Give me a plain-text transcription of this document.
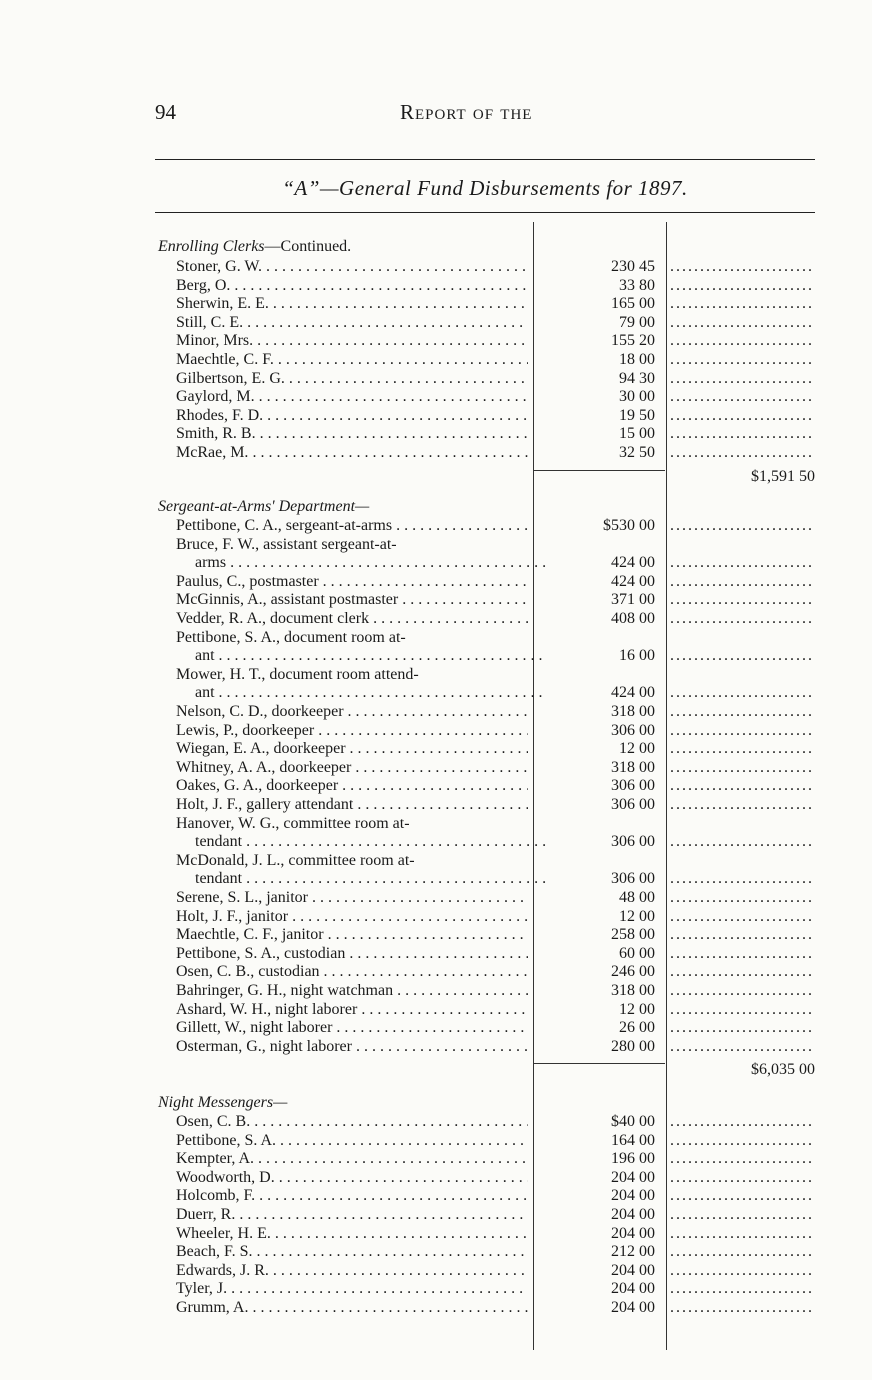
94	Report of the
“A”—General Fund Disbursements for 1897.
Enrolling Clerks—Continued.
Stoner, G. W. . . .	230 45
.....
Berg, O. . . .	33 80
.....
Sherwin, E. E. . . .	165 00
.....
Still, C. E. . . .	79 00
.....
Minor, Mrs. . . .	155 20
.....
Maechtle, C. F. . . .	18 00
.....
Gilbertson, E. G. . . .	94 30
.....
Gaylord, M. . . .	30 00
.....
Rhodes, F. D. . . .	19 50
.....
Smith, R. B. . . .	15 00
.....
McRae, M. . . .	32 50
.....
$1,591 50
Sergeant-at-Arms' Department—
Pettibone, C. A., sergeant-at-arms . . .	$530 00
.....
Bruce, F. W., assistant sergeant-at-
arms . . .	424 00
.....
Paulus, C., postmaster . . .	424 00
.....
McGinnis, A., assistant postmaster . . .	371 00
.....
Vedder, R. A., document clerk . . .	408 00
.....
Pettibone, S. A., document room at-
ant . . .	16 00
.....
Mower, H. T., document room attend-
ant . . .	424 00
.....
Nelson, C. D., doorkeeper . . .	318 00
.....
Lewis, P., doorkeeper . . .	306 00
.....
Wiegan, E. A., doorkeeper . . .	12 00
.....
Whitney, A. A., doorkeeper . . .	318 00
.....
Oakes, G. A., doorkeeper . . .	306 00
.....
Holt, J. F., gallery attendant . . .	306 00
.....
Hanover, W. G., committee room at-
tendant . . .	306 00
.....
McDonald, J. L., committee room at-
tendant . . .	306 00
.....
Serene, S. L., janitor . . .	48 00
.....
Holt, J. F., janitor . . .	12 00
.....
Maechtle, C. F., janitor . . .	258 00
.....
Pettibone, S. A., custodian . . .	60 00
.....
Osen, C. B., custodian . . .	246 00
.....
Bahringer, G. H., night watchman . . .	318 00
.....
Ashard, W. H., night laborer . . .	12 00
.....
Gillett, W., night laborer . . .	26 00
.....
Osterman, G., night laborer . . .	280 00
.....
$6,035 00
Night Messengers—
Osen, C. B. . . .	$40 00
.....
Pettibone, S. A. . . .	164 00
.....
Kempter, A. . . .	196 00
.....
Woodworth, D. . . .	204 00
.....
Holcomb, F. . . .	204 00
.....
Duerr, R. . . .	204 00
.....
Wheeler, H. E. . . .	204 00
.....
Beach, F. S. . . .	212 00
.....
Edwards, J. R. . . .	204 00
.....
Tyler, J. . . .	204 00
.....
Grumm, A. . . .	204 00
.....
